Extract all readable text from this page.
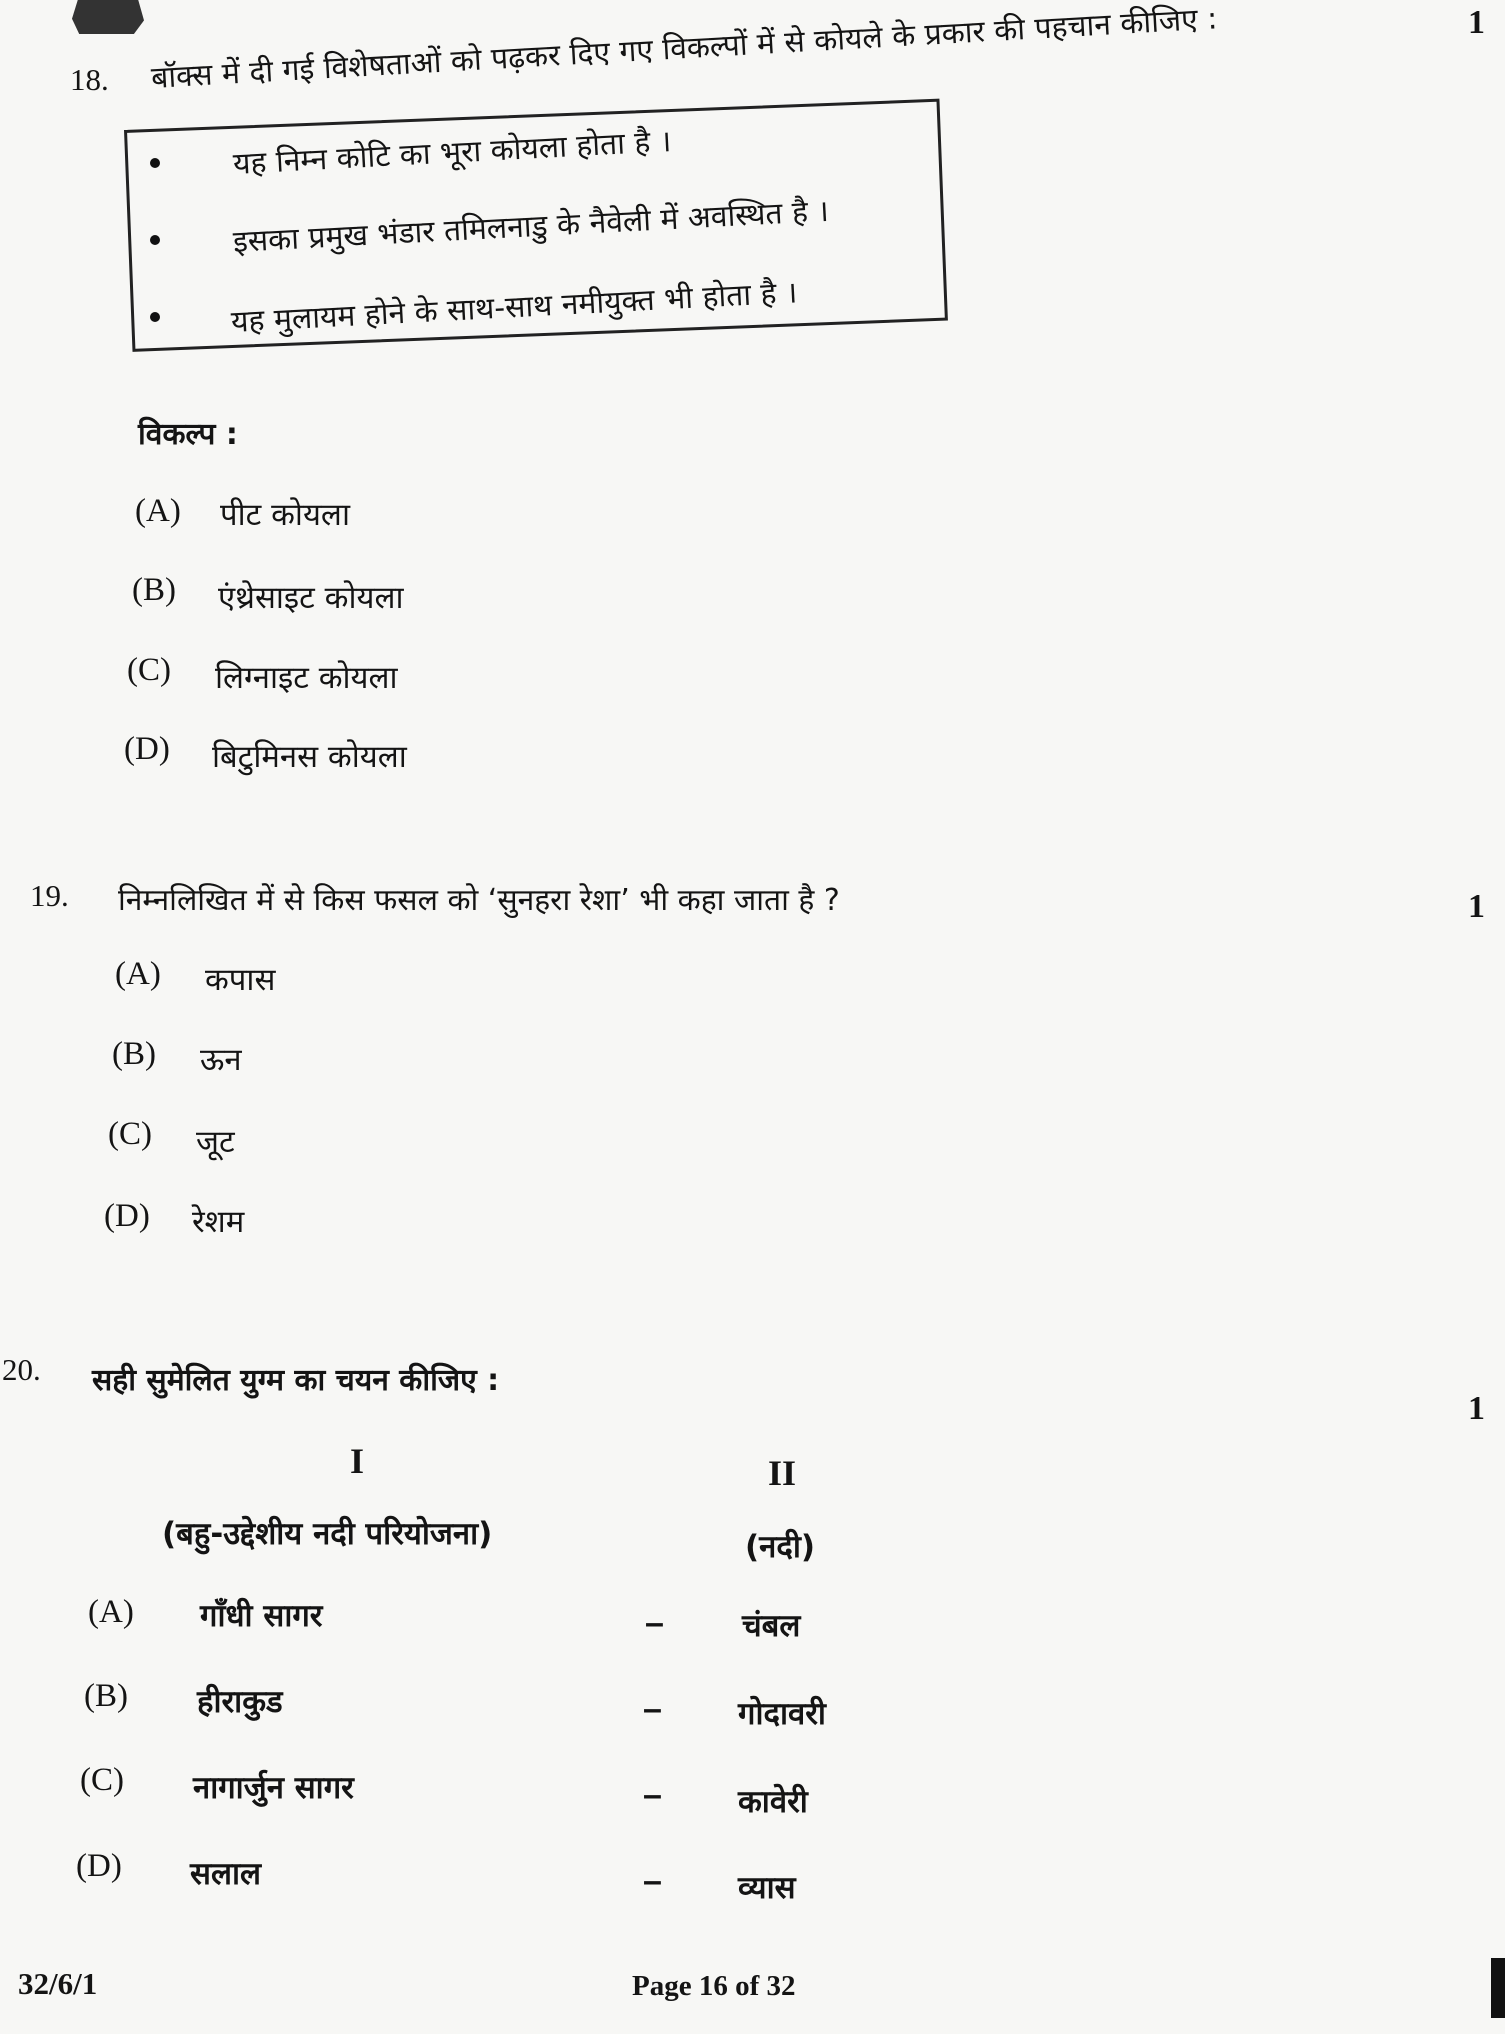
18. बॉक्स में दी गई विशेषताओं को पढ़कर दिए गए विकल्पों में से कोयले के प्रकार की पहचान कीजिए :	1
यह निम्न कोटि का भूरा कोयला होता है ।
इसका प्रमुख भंडार तमिलनाडु के नैवेली में अवस्थित है ।
यह मुलायम होने के साथ-साथ नमीयुक्त भी होता है ।
विकल्प :
(A) पीट कोयला
(B) एंथ्रेसाइट कोयला
(C) लिग्नाइट कोयला
(D) बिटुमिनस कोयला
19. निम्नलिखित में से किस फसल को ‘सुनहरा रेशा’ भी कहा जाता है ?	1
(A) कपास
(B) ऊन
(C) जूट
(D) रेशम
20. सही सुमेलित युग्म का चयन कीजिए :
1
I
(बहु-उद्देशीय नदी परियोजना)
II
(नदी)
(A) गाँधी सागर	–	चंबल
(B) हीराकुड	– गोदावरी
(C) नागार्जुन सागर	– कावेरी
(D) सलाल	– व्यास
32/6/1	Page 16 of 32
